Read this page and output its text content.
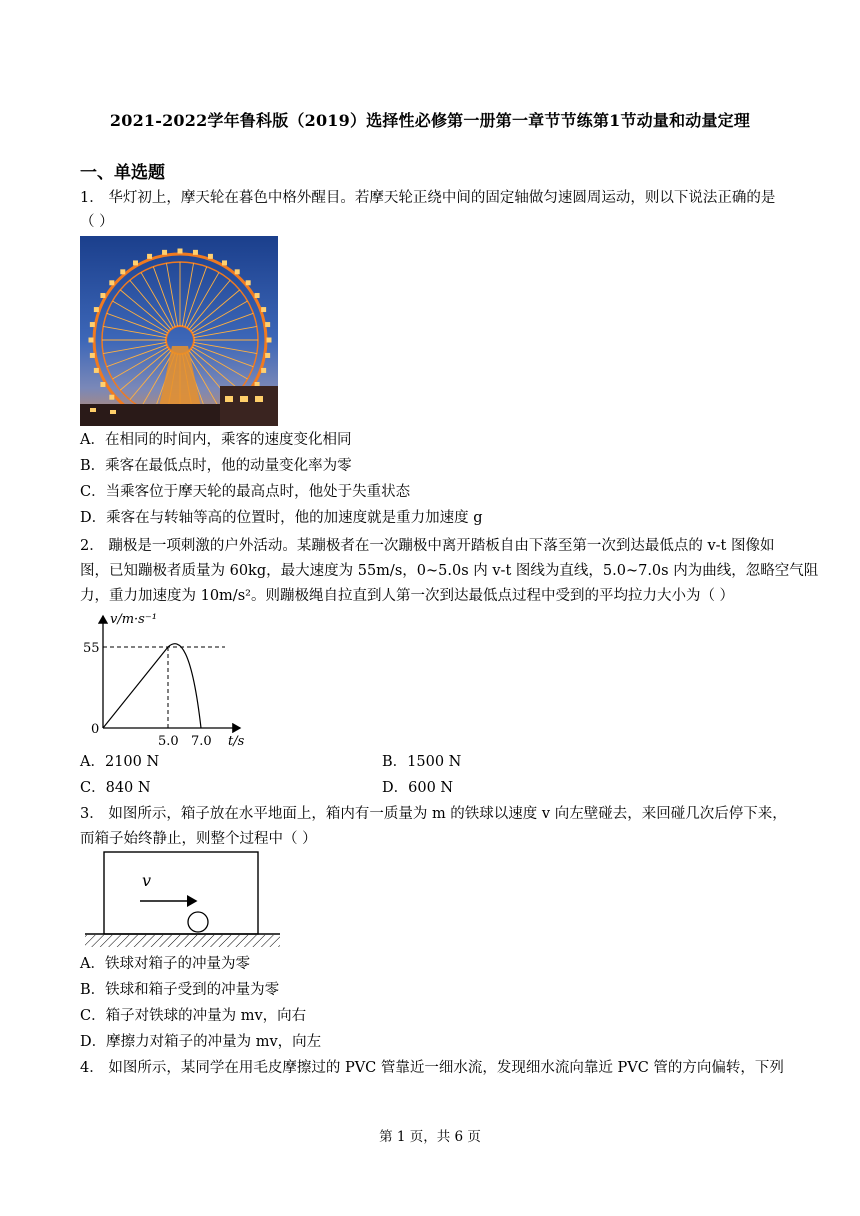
2021-2022学年鲁科版（2019）选择性必修第一册第一章节节练第1节动量和动量定理
一、单选题
1． 华灯初上，摩天轮在暮色中格外醒目。若摩天轮正绕中间的固定轴做匀速圆周运动，则以下说法正确的是
（ ）
A．在相同的时间内，乘客的速度变化相同
B．乘客在最低点时，他的动量变化率为零
C．当乘客位于摩天轮的最高点时，他处于失重状态
D．乘客在与转轴等高的位置时，他的加速度就是重力加速度 g
2． 蹦极是一项刺激的户外活动。某蹦极者在一次蹦极中离开踏板自由下落至第一次到达最低点的 v-t 图像如
图，已知蹦极者质量为 60kg，最大速度为 55m/s，0~5.0s 内 v-t 图线为直线，5.0~7.0s 内为曲线，忽略空气阻
力，重力加速度为 10m/s²。则蹦极绳自拉直到人第一次到达最低点过程中受到的平均拉力大小为（ ）
v/m·s⁻¹
55
0
5.0 7.0 t/s
A．2100 N	B．1500 N
C．840 N	D．600 N
3． 如图所示，箱子放在水平地面上，箱内有一质量为 m 的铁球以速度 v 向左壁碰去，来回碰几次后停下来，
而箱子始终静止，则整个过程中（ ）
v
A．铁球对箱子的冲量为零
B．铁球和箱子受到的冲量为零
C．箱子对铁球的冲量为 mv，向右
D．摩擦力对箱子的冲量为 mv，向左
4． 如图所示，某同学在用毛皮摩擦过的 PVC 管靠近一细水流，发现细水流向靠近 PVC 管的方向偏转，下列
第 1 页，共 6 页
